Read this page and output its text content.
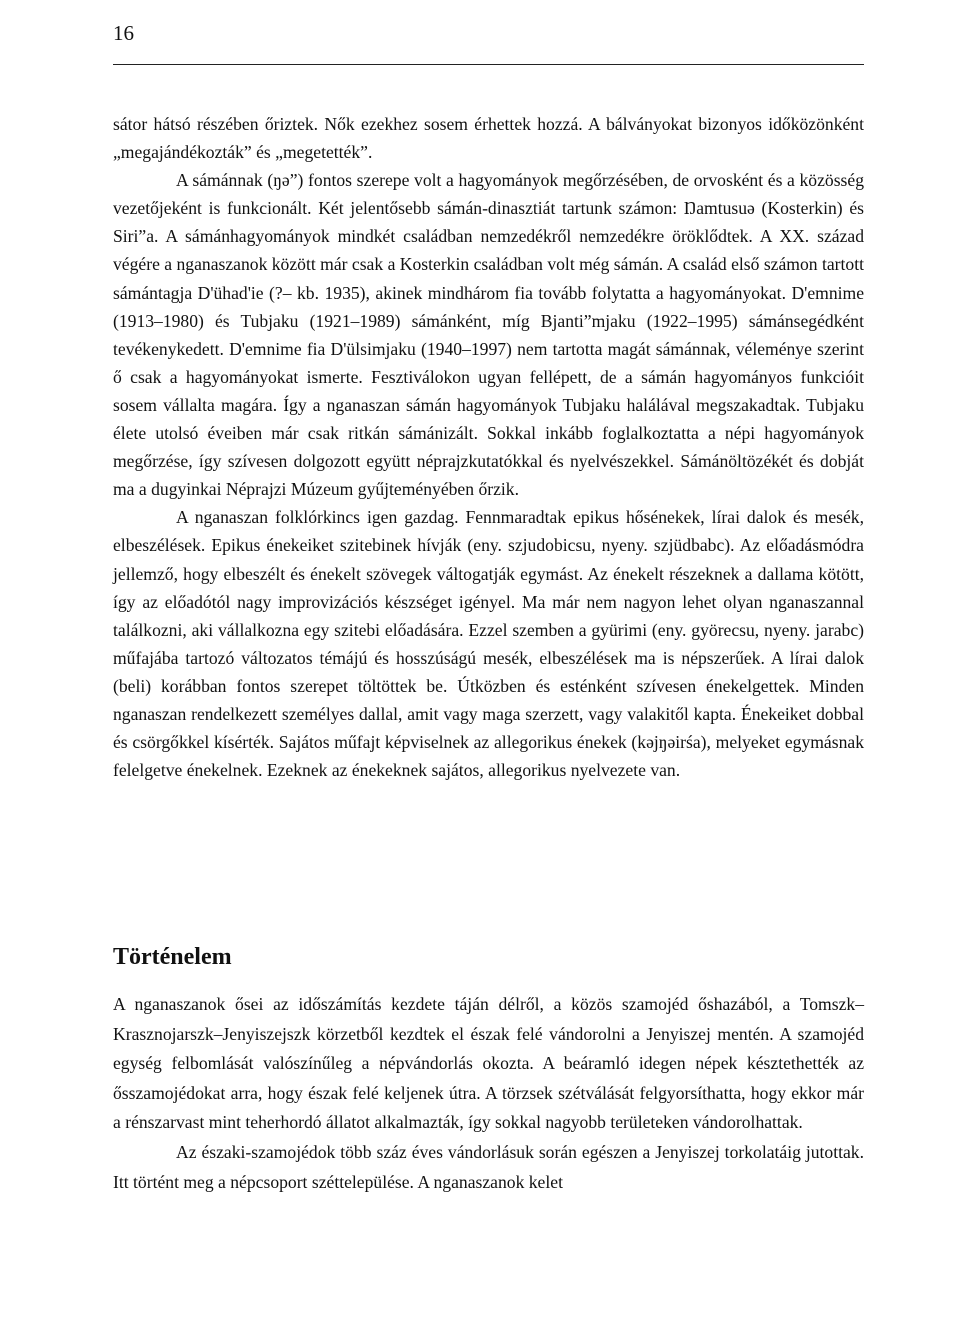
16

sátor hátsó részében őriztek. Nők ezekhez sosem érhettek hozzá. A bálványokat bizonyos időközönként „megajándékozták” és „megetették”.

A sámánnak (ŋə”) fontos szerepe volt a hagyományok megőrzésében, de orvosként és a közösség vezetőjeként is funkcionált. Két jelentősebb sámán-dinasztiát tartunk számon: Ŋamtusuə (Kosterkin) és Siri”a. A sámánhagyományok mindkét családban nemzedékről nemzedékre öröklődtek. A XX. század végére a nganaszanok között már csak a Kosterkin családban volt még sámán. A család első számon tartott sámántagja D'ühad'ie (?– kb. 1935), akinek mindhárom fia tovább folytatta a hagyományokat. D'emnime (1913–1980) és Tubjaku (1921–1989) sámánként, míg Bjanti”mjaku (1922–1995) sámánsegédként tevékenykedett. D'emnime fia D'ülsimjaku (1940–1997) nem tartotta magát sámánnak, véleménye szerint ő csak a hagyományokat ismerte. Fesztiválokon ugyan fellépett, de a sámán hagyományos funkcióit sosem vállalta magára. Így a nganaszan sámán hagyományok Tubjaku halálával megszakadtak. Tubjaku élete utolsó éveiben már csak ritkán sámánizált. Sokkal inkább foglalkoztatta a népi hagyományok megőrzése, így szívesen dolgozott együtt néprajzkutatókkal és nyelvészekkel. Sámánöltözékét és dobját ma a dugyinkai Néprajzi Múzeum gyűjteményében őrzik.

A nganaszan folklórkincs igen gazdag. Fennmaradtak epikus hősénekek, lírai dalok és mesék, elbeszélések. Epikus énekeiket szitebinek hívják (eny. szjudobicsu, nyeny. szjüdbabc). Az előadásmódra jellemző, hogy elbeszélt és énekelt szövegek váltogatják egymást. Az énekelt részeknek a dallama kötött, így az előadótól nagy improvizációs készséget igényel. Ma már nem nagyon lehet olyan nganaszannal találkozni, aki vállalkozna egy szitebi előadására. Ezzel szemben a gyürimi (eny. györecsu, nyeny. jarabc) műfajába tartozó változatos témájú és hosszúságú mesék, elbeszélések ma is népszerűek. A lírai dalok (beli) korábban fontos szerepet töltöttek be. Útközben és esténként szívesen énekelgettek. Minden nganaszan rendelkezett személyes dallal, amit vagy maga szerzett, vagy valakitől kapta. Énekeiket dobbal és csörgőkkel kísérték. Sajátos műfajt képviselnek az allegorikus énekek (kəjŋəirśa), melyeket egymásnak felelgetve énekelnek. Ezeknek az énekeknek sajátos, allegorikus nyelvezete van.

Történelem

A nganaszanok ősei az időszámítás kezdete táján délről, a közös szamojéd őshazából, a Tomszk–Krasznojarszk–Jenyiszejszk körzetből kezdtek el észak felé vándorolni a Jenyiszej mentén. A szamojéd egység felbomlását valószínűleg a népvándorlás okozta. A beáramló idegen népek késztethették az ősszamojédokat arra, hogy észak felé keljenek útra. A törzsek szétválását felgyorsíthatta, hogy ekkor már a rénszarvast mint teherhordó állatot alkalmazták, így sokkal nagyobb területeken vándorolhattak.

Az északi-szamojédok több száz éves vándorlásuk során egészen a Jenyiszej torkolatáig jutottak. Itt történt meg a népcsoport széttelepülése. A nganaszanok kelet
